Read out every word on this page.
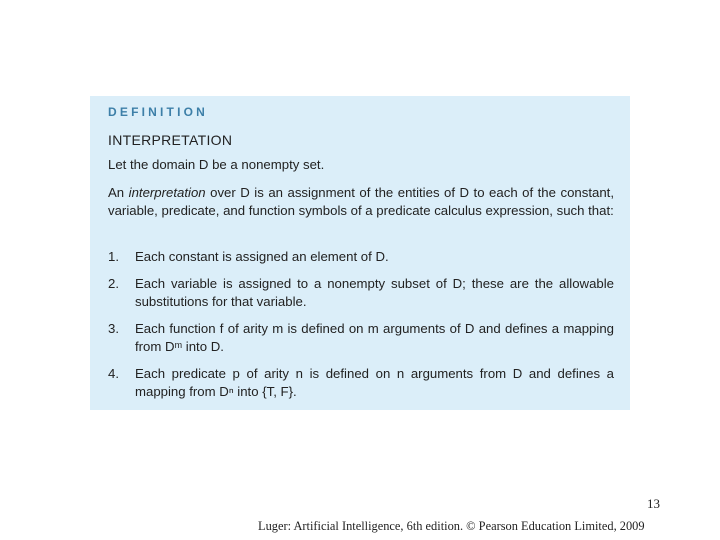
DEFINITION
INTERPRETATION
Let the domain D be a nonempty set.
An interpretation over D is an assignment of the entities of D to each of the constant, variable, predicate, and function symbols of a predicate calculus expression, such that:
1. Each constant is assigned an element of D.
2. Each variable is assigned to a nonempty subset of D; these are the allowable substitutions for that variable.
3. Each function f of arity m is defined on m arguments of D and defines a mapping from Dᵐ into D.
4. Each predicate p of arity n is defined on n arguments from D and defines a mapping from Dⁿ into {T, F}.
13
Luger: Artificial Intelligence, 6th edition. © Pearson Education Limited, 2009
